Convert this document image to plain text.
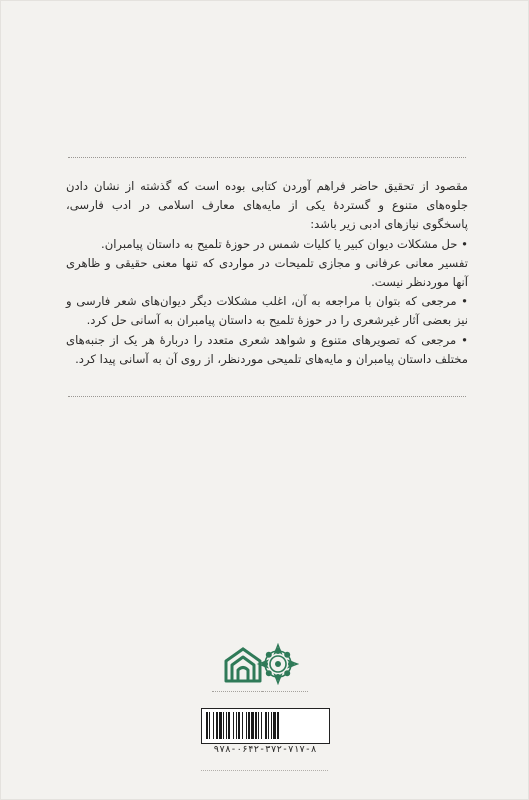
مقصود از تحقیق حاضر فراهم آوردن کتابی بوده است که گذشته از نشان دادن جلوه‌های متنوع و گستردهٔ یکی از مایه‌های معارف اسلامی در ادب فارسی، پاسخگوی نیازهای ادبی زیر باشد:

• حل مشکلات دیوان کبیر یا کلیات شمس در حوزهٔ تلمیح به داستان پیامبران.

تفسیر معانی عرفانی و مجازی تلمیحات در مواردی که تنها معنی حقیقی و ظاهری آنها موردنظر نیست.

• مرجعی که بتوان با مراجعه به آن، اغلب مشکلات دیگر دیوان‌های شعر فارسی و نیز بعضی آثار غیرشعری را در حوزهٔ تلمیح به داستان پیامبران به آسانی حل کرد.

• مرجعی که تصویرهای متنوع و شواهد شعری متعدد را دربارهٔ هر یک از جنبه‌های مختلف داستان پیامبران و مایه‌های تلمیحی موردنظر، از روی آن به آسانی پیدا کرد.

۹۷۸-۰۶۴۲-۳۷۲-۷۱۷-۸
